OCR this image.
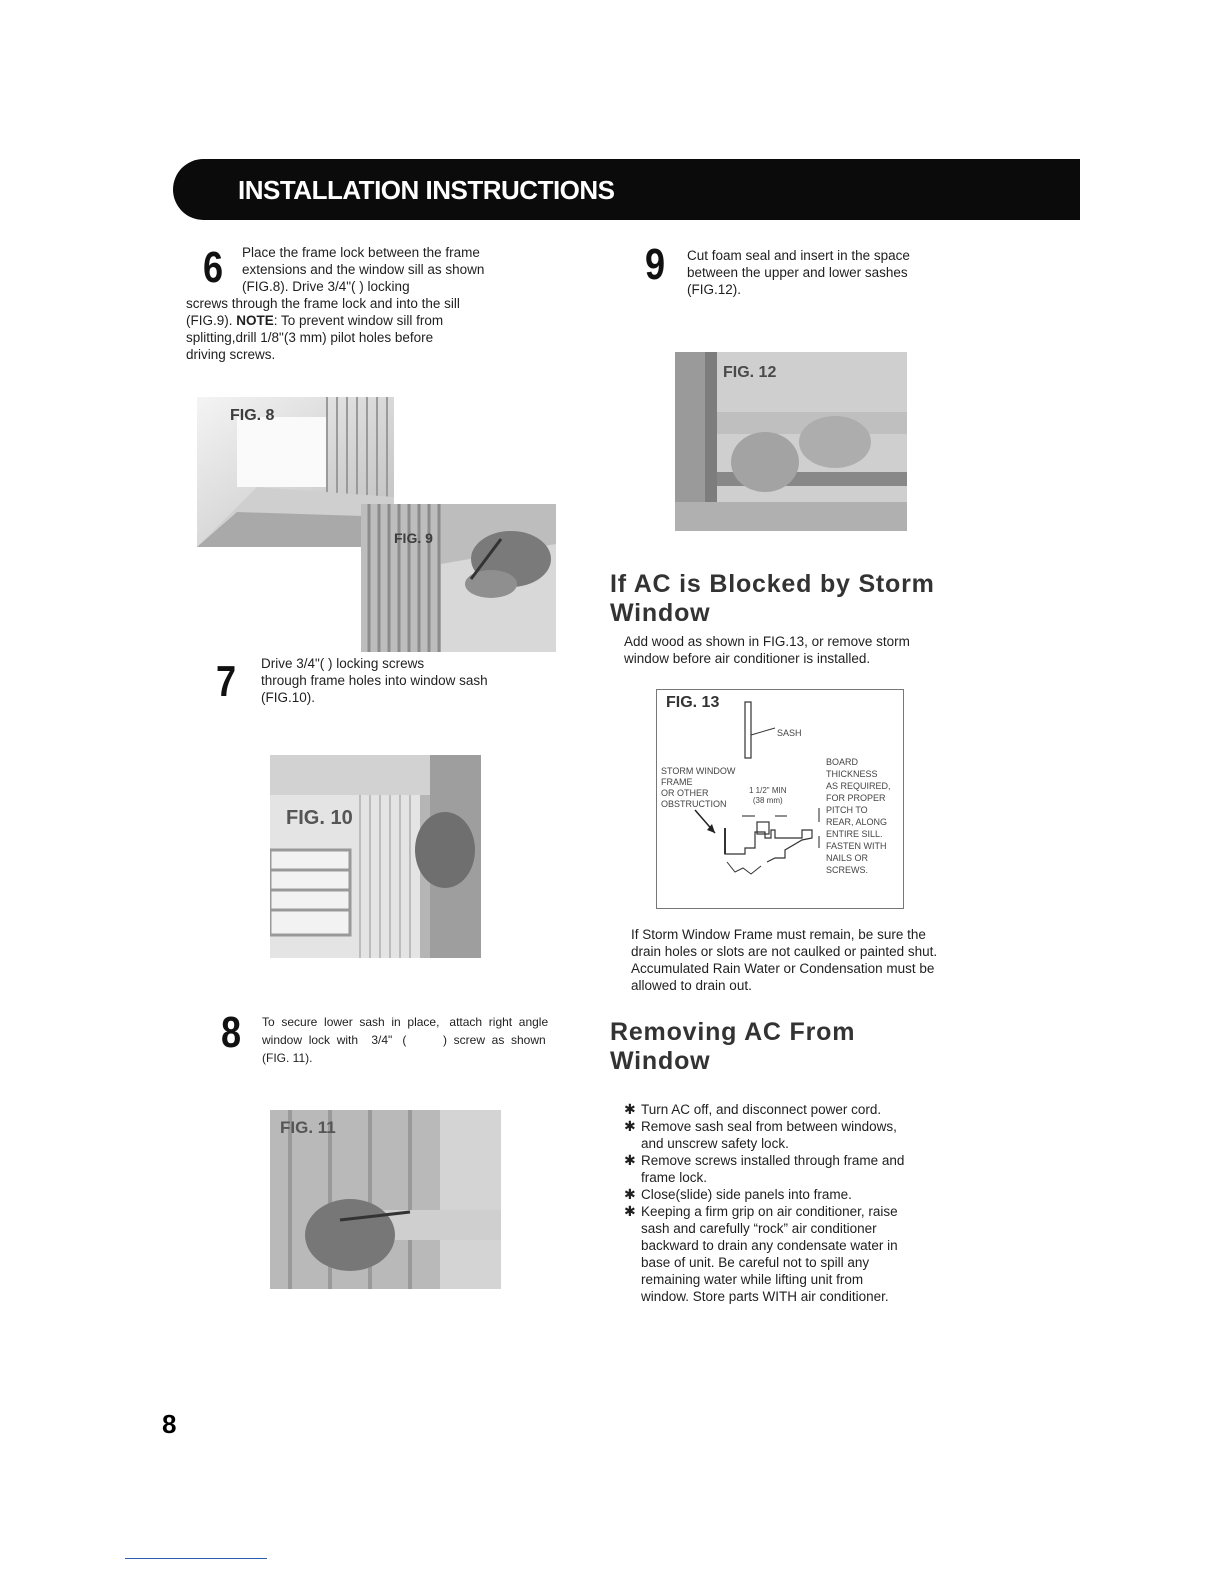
INSTALLATION INSTRUCTIONS
6	Place the frame lock between the frame
extensions and the window sill as shown
(FIG.8). Drive 3/4"( ) locking
screws through the frame lock and into the sill
(FIG.9). NOTE: To prevent window sill from
splitting,drill 1/8"(3 mm) pilot holes before
driving screws.
FIG. 8
FIG. 9
7 Drive 3/4"( ) locking screws
through frame holes into window sash
(FIG.10).
FIG. 10
8 To  secure  lower  sash  in  place,   attach  right  angle
window  lock  with    3/4"   (           )  screw  as  shown
(FIG. 11).
FIG. 11
9 Cut foam seal and insert in the space
between the upper and lower sashes
(FIG.12).
FIG. 12
If AC is Blocked by Storm
Window
Add wood as shown in FIG.13, or remove storm
window before air conditioner is installed.
FIG. 13
SASH
STORM WINDOW
FRAME
OR OTHER
OBSTRUCTION
1 1/2" MIN
(38 mm)
BOARD
THICKNESS
AS REQUIRED,
FOR PROPER
PITCH TO
REAR, ALONG
ENTIRE SILL.
FASTEN WITH
NAILS OR
SCREWS.
If Storm Window Frame must remain, be sure the
drain holes or slots are not caulked or painted shut.
Accumulated Rain Water or Condensation must be
allowed to drain out.
Removing AC From
Window
✱ Turn AC off, and disconnect power cord.
✱ Remove sash seal from between windows,
and unscrew safety lock.
✱ Remove screws installed through frame and
frame lock.
✱ Close(slide) side panels into frame.
✱ Keeping a firm grip on air conditioner, raise
sash and carefully “rock” air conditioner
backward to drain any condensate water in
base of unit. Be careful not to spill any
remaining water while lifting unit from
window. Store parts WITH air conditioner.
8
